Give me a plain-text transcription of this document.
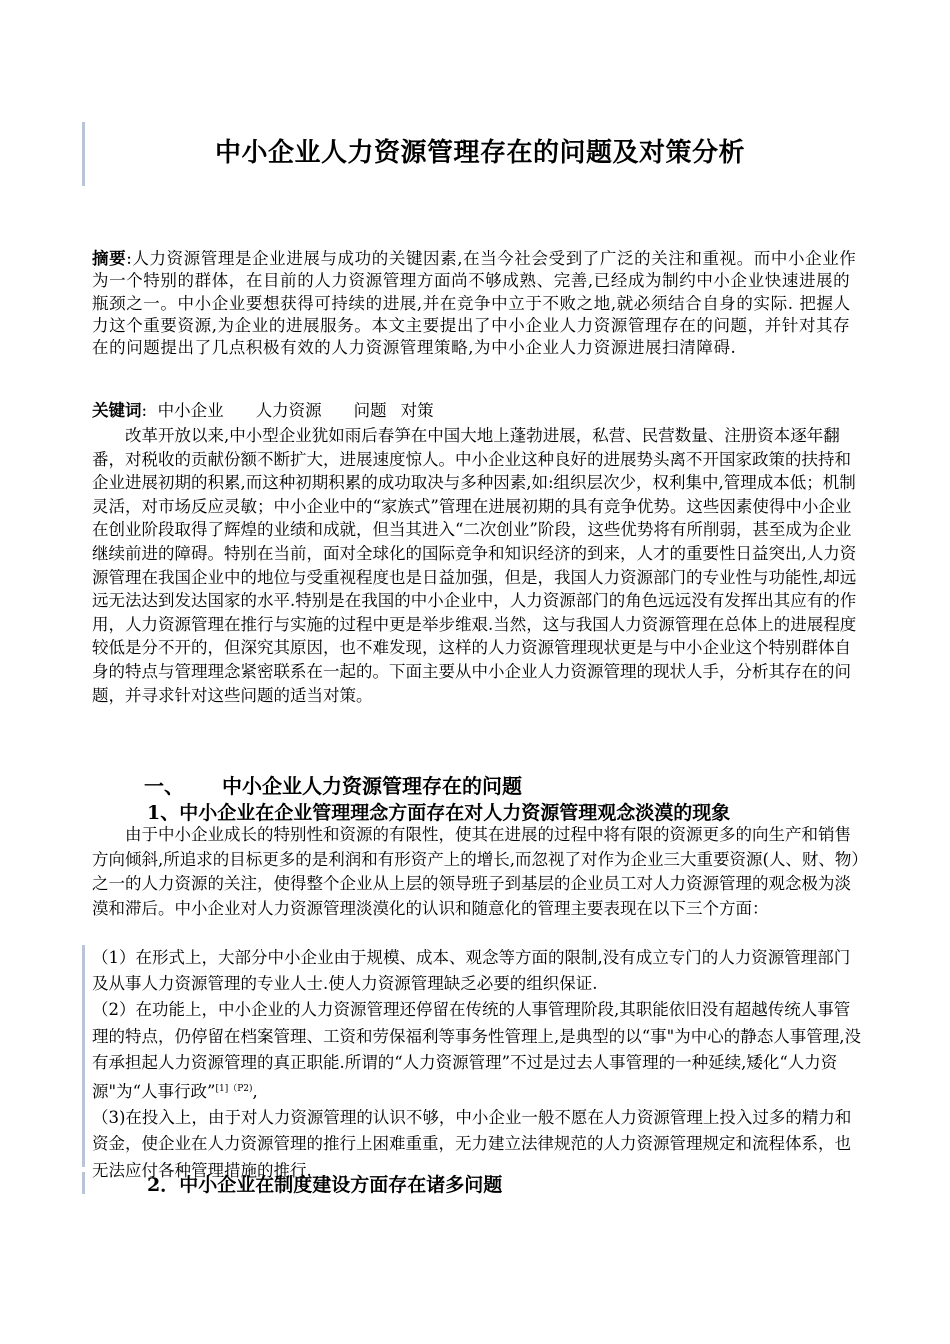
中小企业人力资源管理存在的问题及对策分析
摘要:人力资源管理是企业进展与成功的关键因素,在当今社会受到了广泛的关注和重视。而中小企业作为一个特别的群体，在目前的人力资源管理方面尚不够成熟、完善,已经成为制约中小企业快速进展的瓶颈之一。中小企业要想获得可持续的进展,并在竞争中立于不败之地,就必须结合自身的实际. 把握人力这个重要资源,为企业的进展服务。本文主要提出了中小企业人力资源管理存在的问题，并针对其存在的问题提出了几点积极有效的人力资源管理策略,为中小企业人力资源进展扫清障碍.
关键词: 中小企业 人力资源 问题 对策

改革开放以来,中小型企业犹如雨后春笋在中国大地上蓬勃进展，私营、民营数量、注册资本逐年翻番，对税收的贡献份额不断扩大，进展速度惊人。中小企业这种良好的进展势头离不开国家政策的扶持和企业进展初期的积累,而这种初期积累的成功取决与多种因素,如:组织层次少，权利集中,管理成本低；机制灵活，对市场反应灵敏；中小企业中的“家族式”管理在进展初期的具有竞争优势。这些因素使得中小企业在创业阶段取得了辉煌的业绩和成就，但当其进入“二次创业”阶段，这些优势将有所削弱，甚至成为企业继续前进的障碍。特别在当前，面对全球化的国际竞争和知识经济的到来，人才的重要性日益突出,人力资源管理在我国企业中的地位与受重视程度也是日益加强，但是，我国人力资源部门的专业性与功能性,却远远无法达到发达国家的水平.特别是在我国的中小企业中，人力资源部门的角色远远没有发挥出其应有的作用，人力资源管理在推行与实施的过程中更是举步维艰.当然，这与我国人力资源管理在总体上的进展程度较低是分不开的，但深究其原因，也不难发现，这样的人力资源管理现状更是与中小企业这个特别群体自身的特点与管理理念紧密联系在一起的。下面主要从中小企业人力资源管理的现状人手，分析其存在的问题，并寻求针对这些问题的适当对策。

一、 中小企业人力资源管理存在的问题
1、中小企业在企业管理理念方面存在对人力资源管理观念淡漠的现象

由于中小企业成长的特别性和资源的有限性，使其在进展的过程中将有限的资源更多的向生产和销售方向倾斜,所追求的目标更多的是利润和有形资产上的增长,而忽视了对作为企业三大重要资源(人、财、物）之一的人力资源的关注，使得整个企业从上层的领导班子到基层的企业员工对人力资源管理的观念极为淡漠和滞后。中小企业对人力资源管理淡漠化的认识和随意化的管理主要表现在以下三个方面：

（1）在形式上，大部分中小企业由于规模、成本、观念等方面的限制,没有成立专门的人力资源管理部门及从事人力资源管理的专业人士.使人力资源管理缺乏必要的组织保证.

（2）在功能上，中小企业的人力资源管理还停留在传统的人事管理阶段,其职能依旧没有超越传统人事管理的特点，仍停留在档案管理、工资和劳保福利等事务性管理上,是典型的以“事"为中心的静态人事管理,没有承担起人力资源管理的真正职能.所谓的“人力资源管理”不过是过去人事管理的一种延续,矮化“人力资源"为“人事行政”$^{[1](P2)}$,

（3)在投入上，由于对人力资源管理的认识不够，中小企业一般不愿在人力资源管理上投入过多的精力和资金，使企业在人力资源管理的推行上困难重重，无力建立法律规范的人力资源管理规定和流程体系，也无法应付各种管理措施的推行.

2．中小企业在制度建设方面存在诸多问题
